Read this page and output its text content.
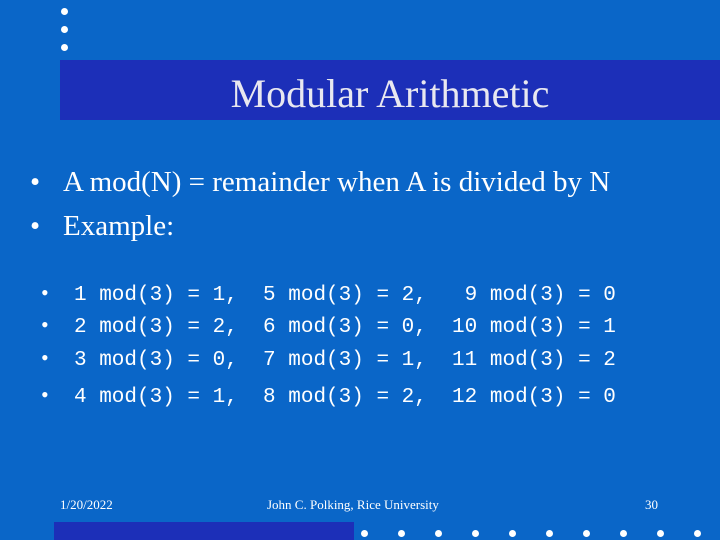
Modular Arithmetic
• A mod(N) = remainder when A is divided by N
• Example:

• 1 mod(3) = 1,  5 mod(3) = 2,   9 mod(3) = 0

• 2 mod(3) = 2,  6 mod(3) = 0,  10 mod(3) = 1

• 3 mod(3) = 0,  7 mod(3) = 1,  11 mod(3) = 2

• 4 mod(3) = 1,  8 mod(3) = 2,  12 mod(3) = 0

1/20/2022	John C. Polking, Rice University	30
